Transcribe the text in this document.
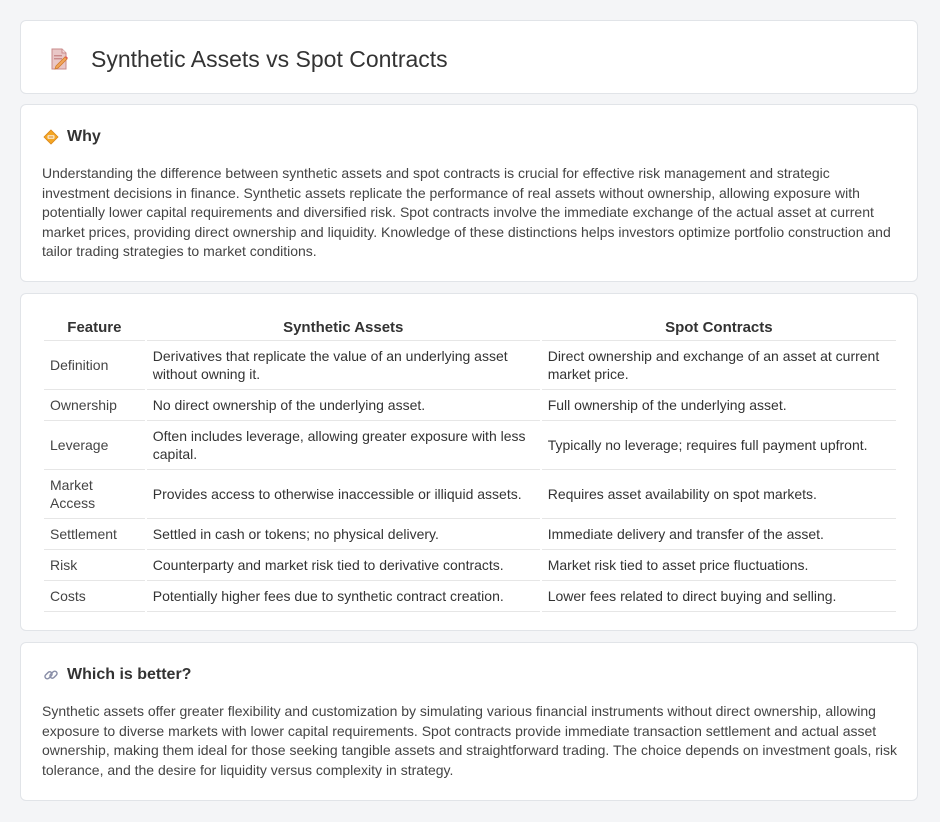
Synthetic Assets vs Spot Contracts
Why

Understanding the difference between synthetic assets and spot contracts is crucial for effective risk management and strategic investment decisions in finance. Synthetic assets replicate the performance of real assets without ownership, allowing exposure with potentially lower capital requirements and diversified risk. Spot contracts involve the immediate exchange of the actual asset at current market prices, providing direct ownership and liquidity. Knowledge of these distinctions helps investors optimize portfolio construction and tailor trading strategies to market conditions.

Feature	Synthetic Assets	Spot Contracts
Definition	Derivatives that replicate the value of an underlying asset without owning it.	Direct ownership and exchange of an asset at current market price.
Ownership	No direct ownership of the underlying asset.	Full ownership of the underlying asset.
Leverage	Often includes leverage, allowing greater exposure with less capital.	Typically no leverage; requires full payment upfront.
Market Access	Provides access to otherwise inaccessible or illiquid assets.	Requires asset availability on spot markets.
Settlement	Settled in cash or tokens; no physical delivery.	Immediate delivery and transfer of the asset.
Risk	Counterparty and market risk tied to derivative contracts.	Market risk tied to asset price fluctuations.
Costs	Potentially higher fees due to synthetic contract creation.	Lower fees related to direct buying and selling.
Which is better?

Synthetic assets offer greater flexibility and customization by simulating various financial instruments without direct ownership, allowing exposure to diverse markets with lower capital requirements. Spot contracts provide immediate transaction settlement and actual asset ownership, making them ideal for those seeking tangible assets and straightforward trading. The choice depends on investment goals, risk tolerance, and the desire for liquidity versus complexity in strategy.
